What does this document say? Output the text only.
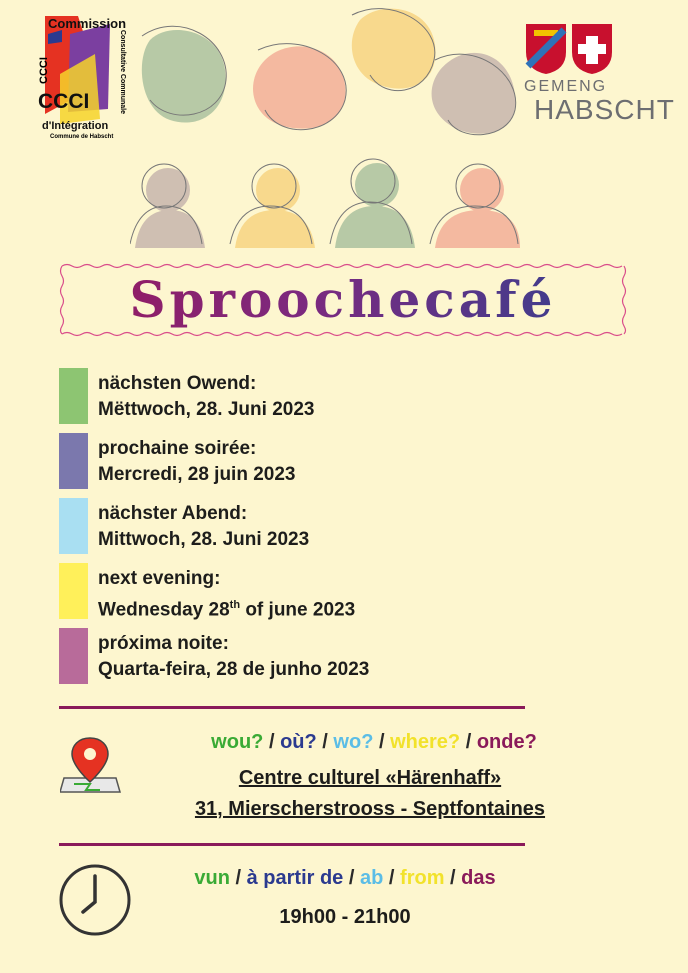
Commission
CCCI	Consultative Communale
CCCI
d'Intégration
Commune de Habscht
GEMENG
HABSCHT
Sproochecafé
nächsten Owend:
Mëttwoch, 28. Juni 2023
prochaine soirée:
Mercredi, 28 juin 2023
nächster Abend:
Mittwoch, 28. Juni 2023
next evening:
Wednesday 28th of june 2023
próxima noite:
Quarta-feira, 28 de junho 2023
wou? / où? / wo? / where? / onde?
Centre culturel «Härenhaff»
31, Mierscherstrooss - Septfontaines
vun / à partir de / ab / from / das
19h00 - 21h00
